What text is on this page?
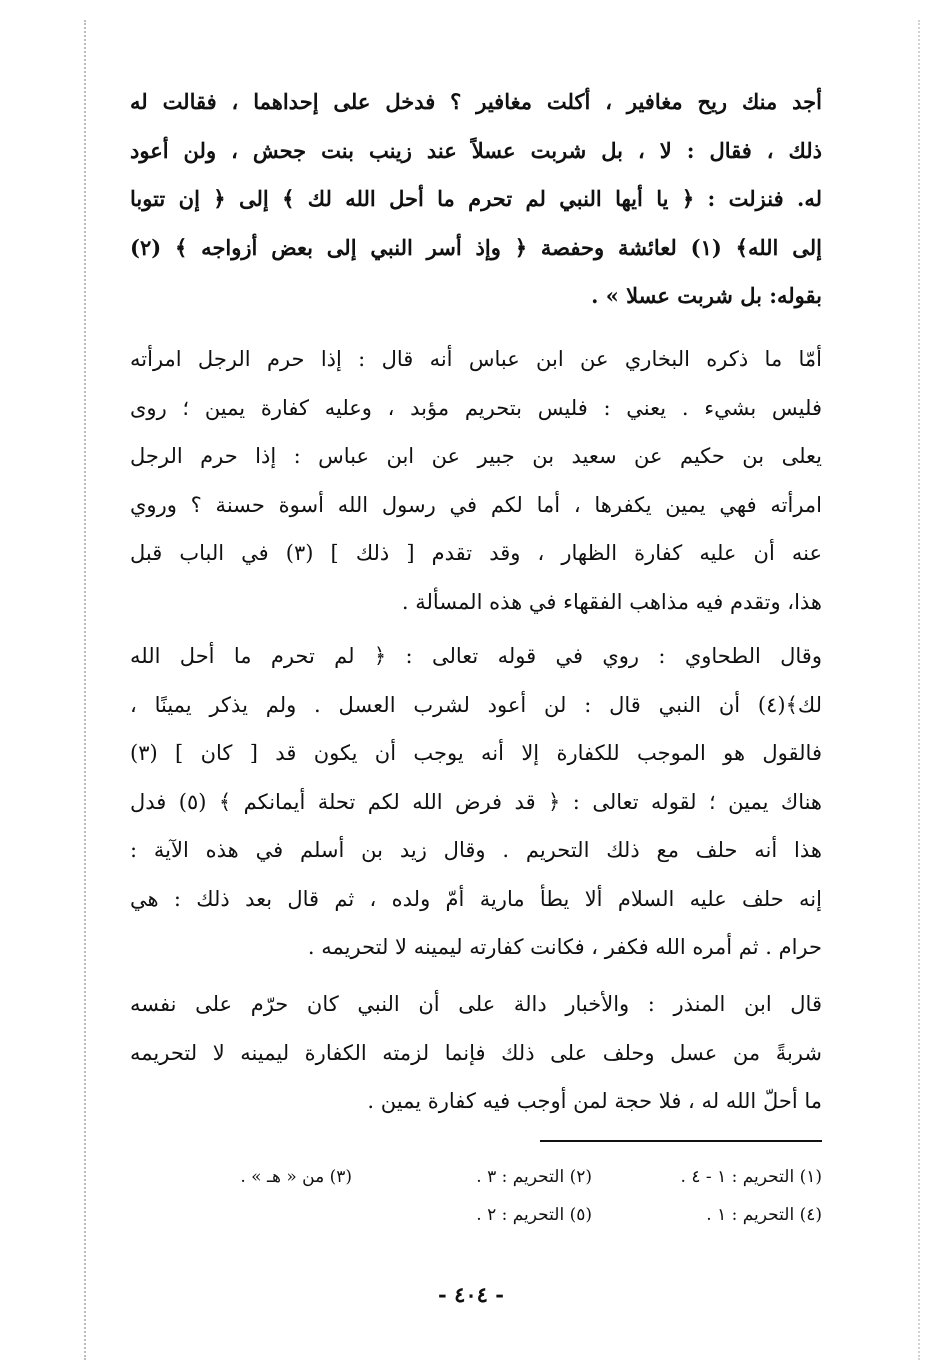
أجد منك ريح مغافير ، أكلت مغافير ؟ فدخل على إحداهما ، فقالت له
ذلك ، فقال : لا ، بل شربت عسلاً عند زينب بنت جحش ، ولن أعود
له. فنزلت : ﴿ يا أيها النبي لم تحرم ما أحل الله لك ﴾ إلى ﴿ إن تتوبا
إلى الله﴾ (١) لعائشة وحفصة ﴿ وإذ أسر النبي إلى بعض أزواجه ﴾ (٢)
بقوله: بل شربت عسلا » .
أمّا ما ذكره البخاري عن ابن عباس أنه قال : إذا حرم الرجل امرأته
فليس بشيء . يعني : فليس بتحريم مؤبد ، وعليه كفارة يمين ؛ روى
يعلى بن حكيم عن سعيد بن جبير عن ابن عباس : إذا حرم الرجل
امرأته فهي يمين يكفرها ، أما لكم في رسول الله أسوة حسنة ؟ وروي
عنه أن عليه كفارة الظهار ، وقد تقدم [ ذلك ] (٣) في الباب قبل
هذا، وتقدم فيه مذاهب الفقهاء في هذه المسألة .
وقال الطحاوي : روي في قوله تعالى : ﴿ لم تحرم ما أحل الله
لك﴾(٤) أن النبي قال : لن أعود لشرب العسل . ولم يذكر يمينًا ،
فالقول هو الموجب للكفارة إلا أنه يوجب أن يكون قد [ كان ] (٣)
هناك يمين ؛ لقوله تعالى : ﴿ قد فرض الله لكم تحلة أيمانكم ﴾ (٥) فدل
هذا أنه حلف مع ذلك التحريم . وقال زيد بن أسلم في هذه الآية :
إنه حلف عليه السلام ألا يطأ مارية أمّ ولده ، ثم قال بعد ذلك : هي
حرام . ثم أمره الله فكفر ، فكانت كفارته ليمينه لا لتحريمه .
قال ابن المنذر : والأخبار دالة على أن النبي كان حرّم على نفسه
شربةً من عسل وحلف على ذلك فإنما لزمته الكفارة ليمينه لا لتحريمه
ما أحلّ الله له ، فلا حجة لمن أوجب فيه كفارة يمين .
(١) التحريم : ١ - ٤ .
(٢) التحريم : ٣ .
(٣) من « هـ » .
(٤) التحريم : ١ .
(٥) التحريم : ٢ .
- ٤٠٤ -
